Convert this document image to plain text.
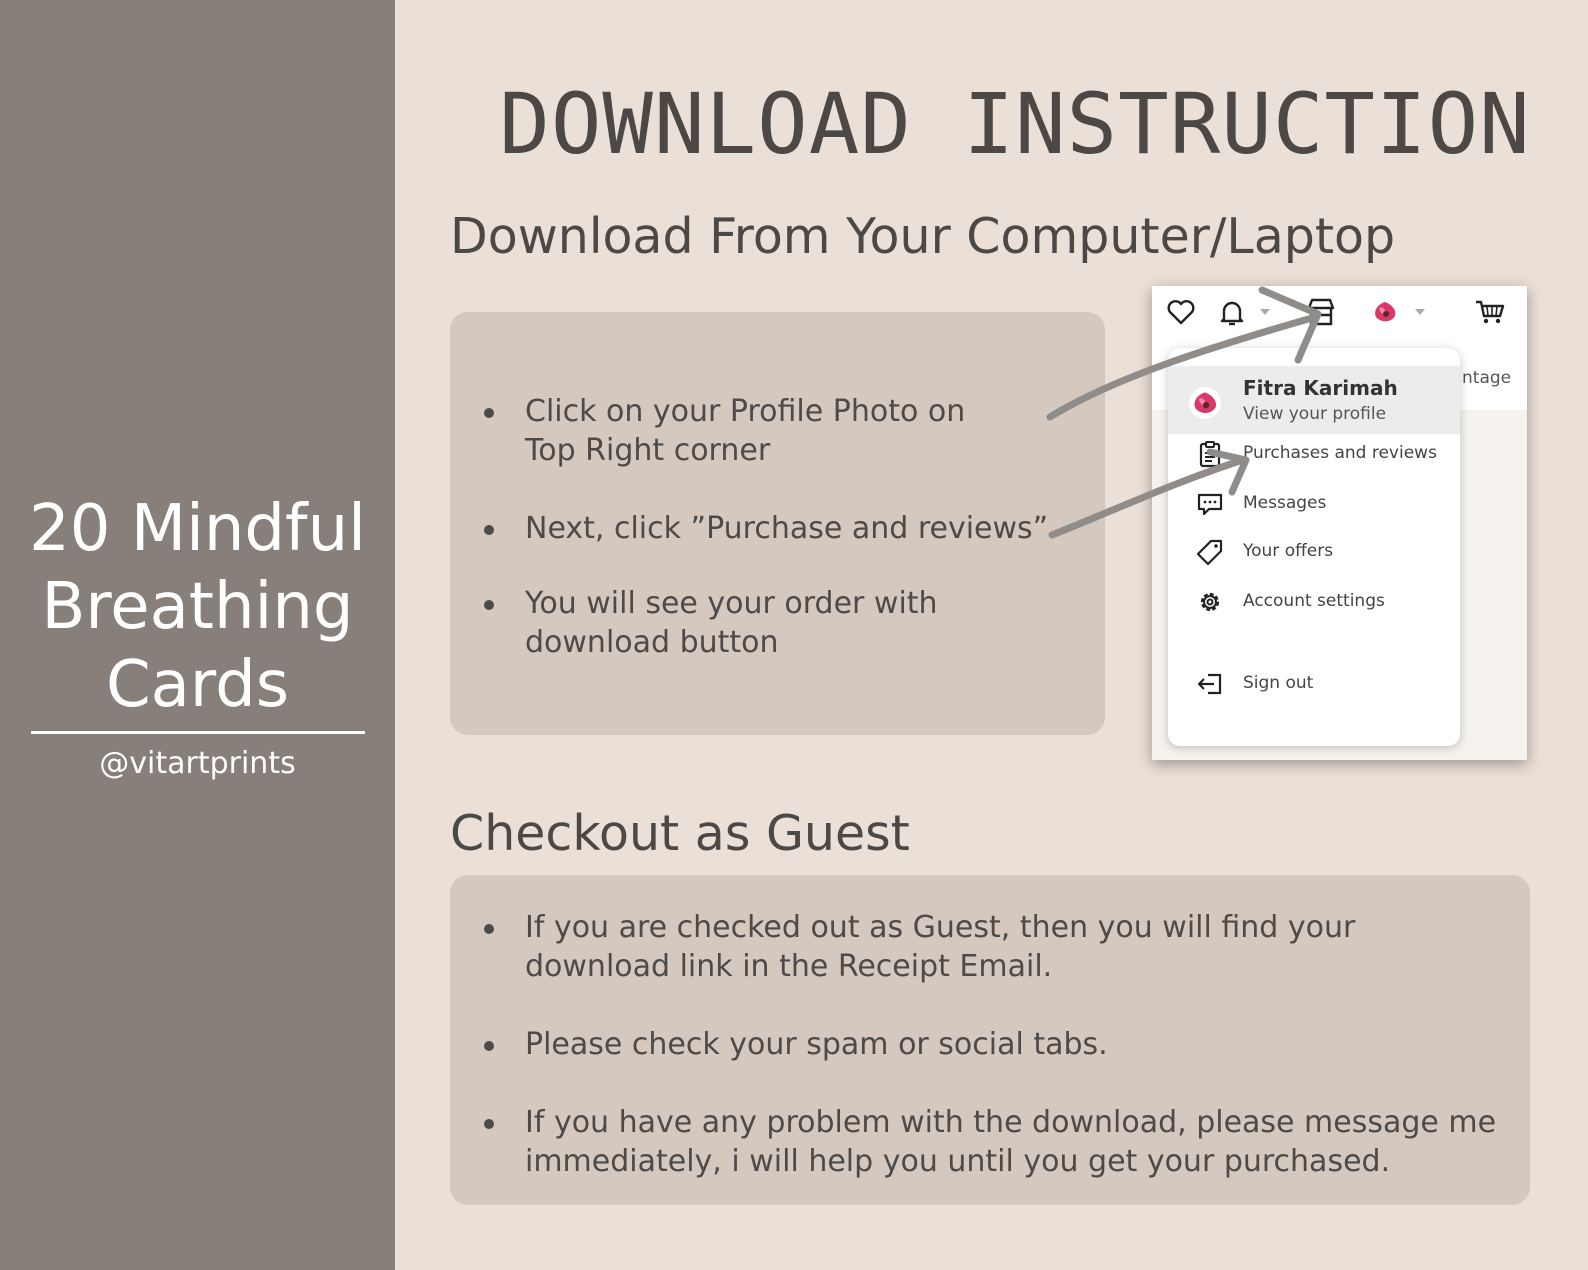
20 Mindful
Breathing
Cards
@vitartprints
DOWNLOAD INSTRUCTION
Download From Your Computer/Laptop
Click on your Profile Photo on Top Right corner
Next, click ”Purchase and reviews”
You will see your order with download button
Checkout as Guest
If you are checked out as Guest, then you will find your download link in the Receipt Email.
Please check your spam or social tabs.
If you have any problem with the download, please message me immediately, i will help you until you get your purchased.
ntage
Fitra Karimah
View your profile
Purchases and reviews
Messages
Your offers
Account settings
Sign out
